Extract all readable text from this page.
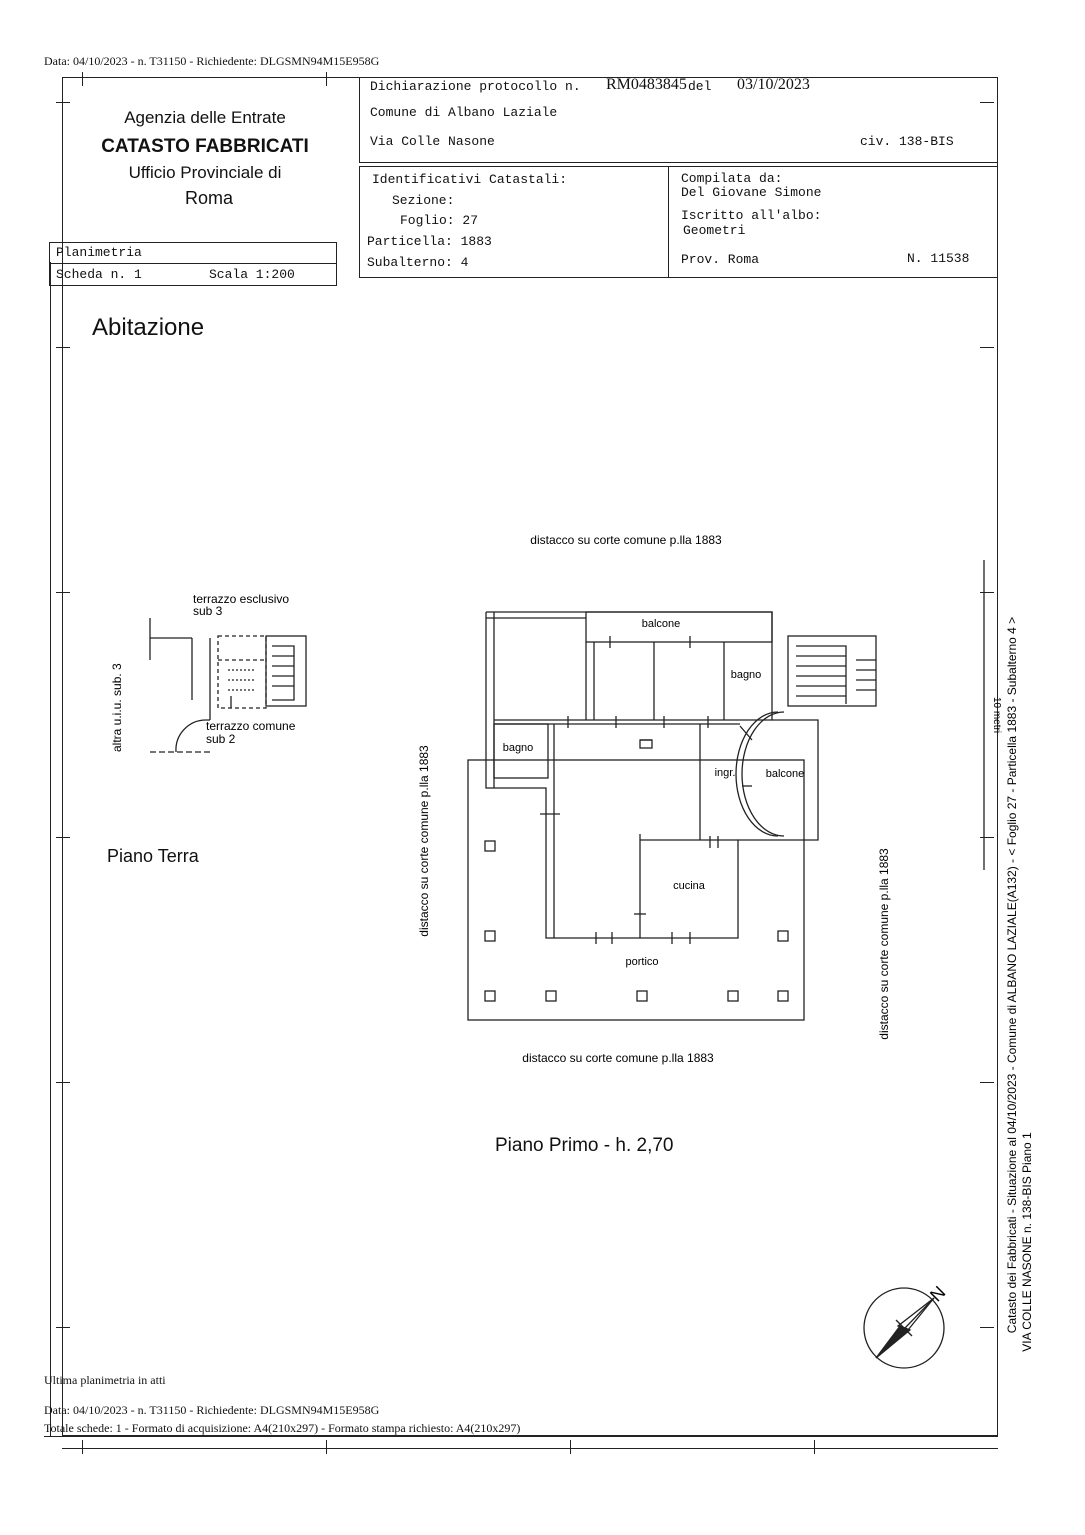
Data: 04/10/2023 - n. T31150 - Richiedente: DLGSMN94M15E958G
Agenzia delle Entrate
CATASTO FABBRICATI
Ufficio Provinciale di
Roma
Planimetria
Scheda n. 1	Scala 1:200
Dichiarazione protocollo n. RM0483845 del 03/10/2023
Comune di Albano Laziale
Via Colle Nasone	civ. 138-BIS
Identificativi Catastali:
Sezione:
Foglio: 27
Particella: 1883
Subalterno: 4
Compilata da:
Del Giovane Simone
Iscritto all'albo:
Geometri
Prov. Roma	N. 11538
Abitazione
Piano Terra
Piano Primo - h. 2,70
balcone
bagno
bagno
ingr.	balcone
cucina
portico
terrazzo esclusivo
sub 3
terrazzo comune
sub 2
altra u.i.u. sub. 3
distacco su corte comune p.lla 1883
distacco su corte comune p.lla 1883
distacco su corte comune p.lla 1883
distacco su corte comune p.lla 1883
10 metri
N	Catasto dei Fabbricati - Situazione al 04/10/2023 - Comune di ALBANO LAZIALE(A132) - < Foglio 27 - Particella 1883 - Subalterno 4 > VIA COLLE NASONE n. 138-BIS Piano 1
Ultima planimetria in atti
Data: 04/10/2023 - n. T31150 - Richiedente: DLGSMN94M15E958G
Totale schede: 1 - Formato di acquisizione: A4(210x297) - Formato stampa richiesto: A4(210x297)
